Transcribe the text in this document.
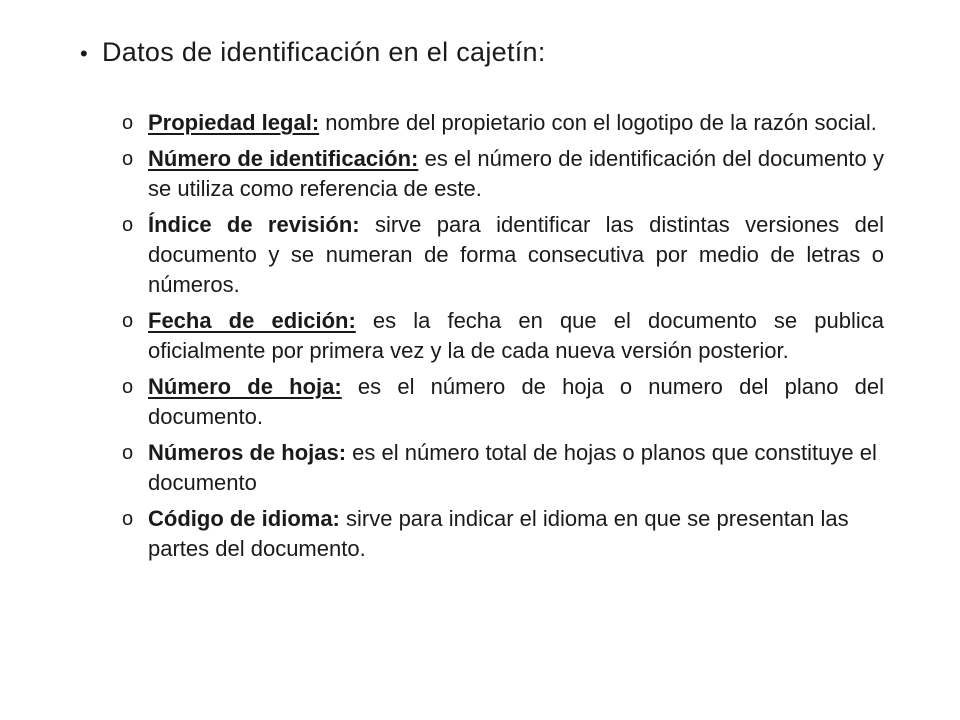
• Datos de identificación en el cajetín:
o Propiedad legal: nombre del propietario con el logotipo de la razón social.
o Número de identificación: es el número de identificación del documento y se utiliza como referencia de este.
o Índice de revisión: sirve para identificar las distintas versiones del documento y se numeran de forma consecutiva por medio de letras o números.
o Fecha de edición: es la fecha en que el documento se publica oficialmente por primera vez y la de cada nueva versión posterior.
o Número de hoja: es el número de hoja o numero del plano del documento.
o Números de hojas: es el número total de hojas o planos que constituye el documento
o Código de idioma: sirve para indicar el idioma en que se presentan las partes del documento.
